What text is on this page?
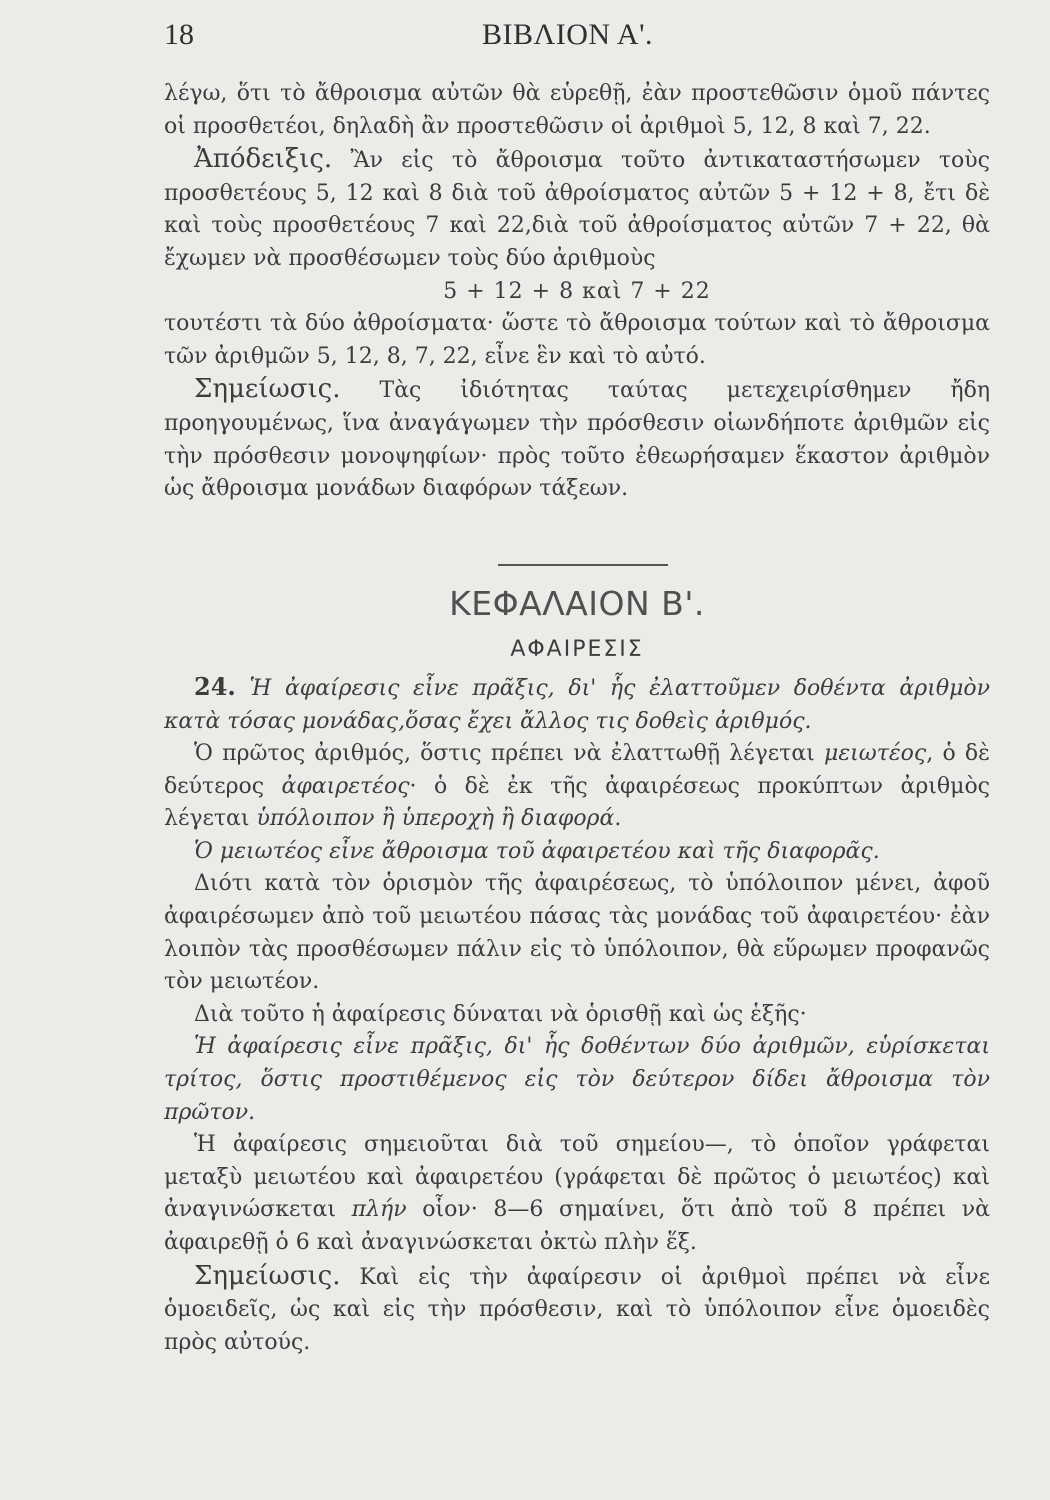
18	ΒΙΒΛΙΟΝ Α'.

λέγω, ὅτι τὸ ἄθροισμα αὐτῶν θὰ εὑρεθῇ, ἐὰν προστεθῶσιν ὁμοῦ πάντες οἱ προσθετέοι, δηλαδὴ ἂν προστεθῶσιν οἱ ἀριθμοὶ 5, 12, 8 καὶ 7, 22.

Ἀπόδειξις. Ἂν εἰς τὸ ἄθροισμα τοῦτο ἀντικαταστήσωμεν τοὺς προσθετέους 5, 12 καὶ 8 διὰ τοῦ ἀθροίσματος αὐτῶν 5 + 12 + 8, ἔτι δὲ καὶ τοὺς προσθετέους 7 καὶ 22,διὰ τοῦ ἀθροίσματος αὐτῶν 7 + 22, θὰ ἔχωμεν νὰ προσθέσωμεν τοὺς δύο ἀριθμοὺς

5 + 12 + 8 καὶ 7 + 22

τουτέστι τὰ δύο ἀθροίσματα· ὥστε τὸ ἄθροισμα τούτων καὶ τὸ ἄθροισμα τῶν ἀριθμῶν 5, 12, 8, 7, 22, εἶνε ἓν καὶ τὸ αὐτό.

Σημείωσις. Τὰς ἰδιότητας ταύτας μετεχειρίσθημεν ἤδη προηγουμένως, ἵνα ἀναγάγωμεν τὴν πρόσθεσιν οἱωνδήποτε ἀριθμῶν εἰς τὴν πρόσθεσιν μονοψηφίων· πρὸς τοῦτο ἐθεωρήσαμεν ἕκαστον ἀριθμὸν ὡς ἄθροισμα μονάδων διαφόρων τάξεων.

ΚΕΦΑΛΑΙΟΝ Β'.
ΑΦΑΙΡΕΣΙΣ

24. Ἡ ἀφαίρεσις εἶνε πρᾶξις, δι' ἧς ἐλαττοῦμεν δοθέντα ἀριθμὸν κατὰ τόσας μονάδας,ὅσας ἔχει ἄλλος τις δοθεὶς ἀριθμός.

Ὁ πρῶτος ἀριθμός, ὅστις πρέπει νὰ ἐλαττωθῇ λέγεται μειωτέος, ὁ δὲ δεύτερος ἀφαιρετέος· ὁ δὲ ἐκ τῆς ἀφαιρέσεως προκύπτων ἀριθμὸς λέγεται ὑπόλοιπον ἢ ὑπεροχὴ ἢ διαφορά.

Ὁ μειωτέος εἶνε ἄθροισμα τοῦ ἀφαιρετέου καὶ τῆς διαφορᾶς.

Διότι κατὰ τὸν ὁρισμὸν τῆς ἀφαιρέσεως, τὸ ὑπόλοιπον μένει, ἀφοῦ ἀφαιρέσωμεν ἀπὸ τοῦ μειωτέου πάσας τὰς μονάδας τοῦ ἀφαιρετέου· ἐὰν λοιπὸν τὰς προσθέσωμεν πάλιν εἰς τὸ ὑπόλοιπον, θὰ εὕρωμεν προφανῶς τὸν μειωτέον.

Διὰ τοῦτο ἡ ἀφαίρεσις δύναται νὰ ὁρισθῇ καὶ ὡς ἑξῆς·

Ἡ ἀφαίρεσις εἶνε πρᾶξις, δι' ἧς δοθέντων δύο ἀριθμῶν, εὑρίσκεται τρίτος, ὅστις προστιθέμενος εἰς τὸν δεύτερον δίδει ἄθροισμα τὸν πρῶτον.

Ἡ ἀφαίρεσις σημειοῦται διὰ τοῦ σημείου—, τὸ ὁποῖον γράφεται μεταξὺ μειωτέου καὶ ἀφαιρετέου (γράφεται δὲ πρῶτος ὁ μειωτέος) καὶ ἀναγινώσκεται πλήν οἷον· 8—6 σημαίνει, ὅτι ἀπὸ τοῦ 8 πρέπει νὰ ἀφαιρεθῇ ὁ 6 καὶ ἀναγινώσκεται ὀκτὼ πλὴν ἕξ.

Σημείωσις. Καὶ εἰς τὴν ἀφαίρεσιν οἱ ἀριθμοὶ πρέπει νὰ εἶνε ὁμοειδεῖς, ὡς καὶ εἰς τὴν πρόσθεσιν, καὶ τὸ ὑπόλοιπον εἶνε ὁμοειδὲς πρὸς αὐτούς.
